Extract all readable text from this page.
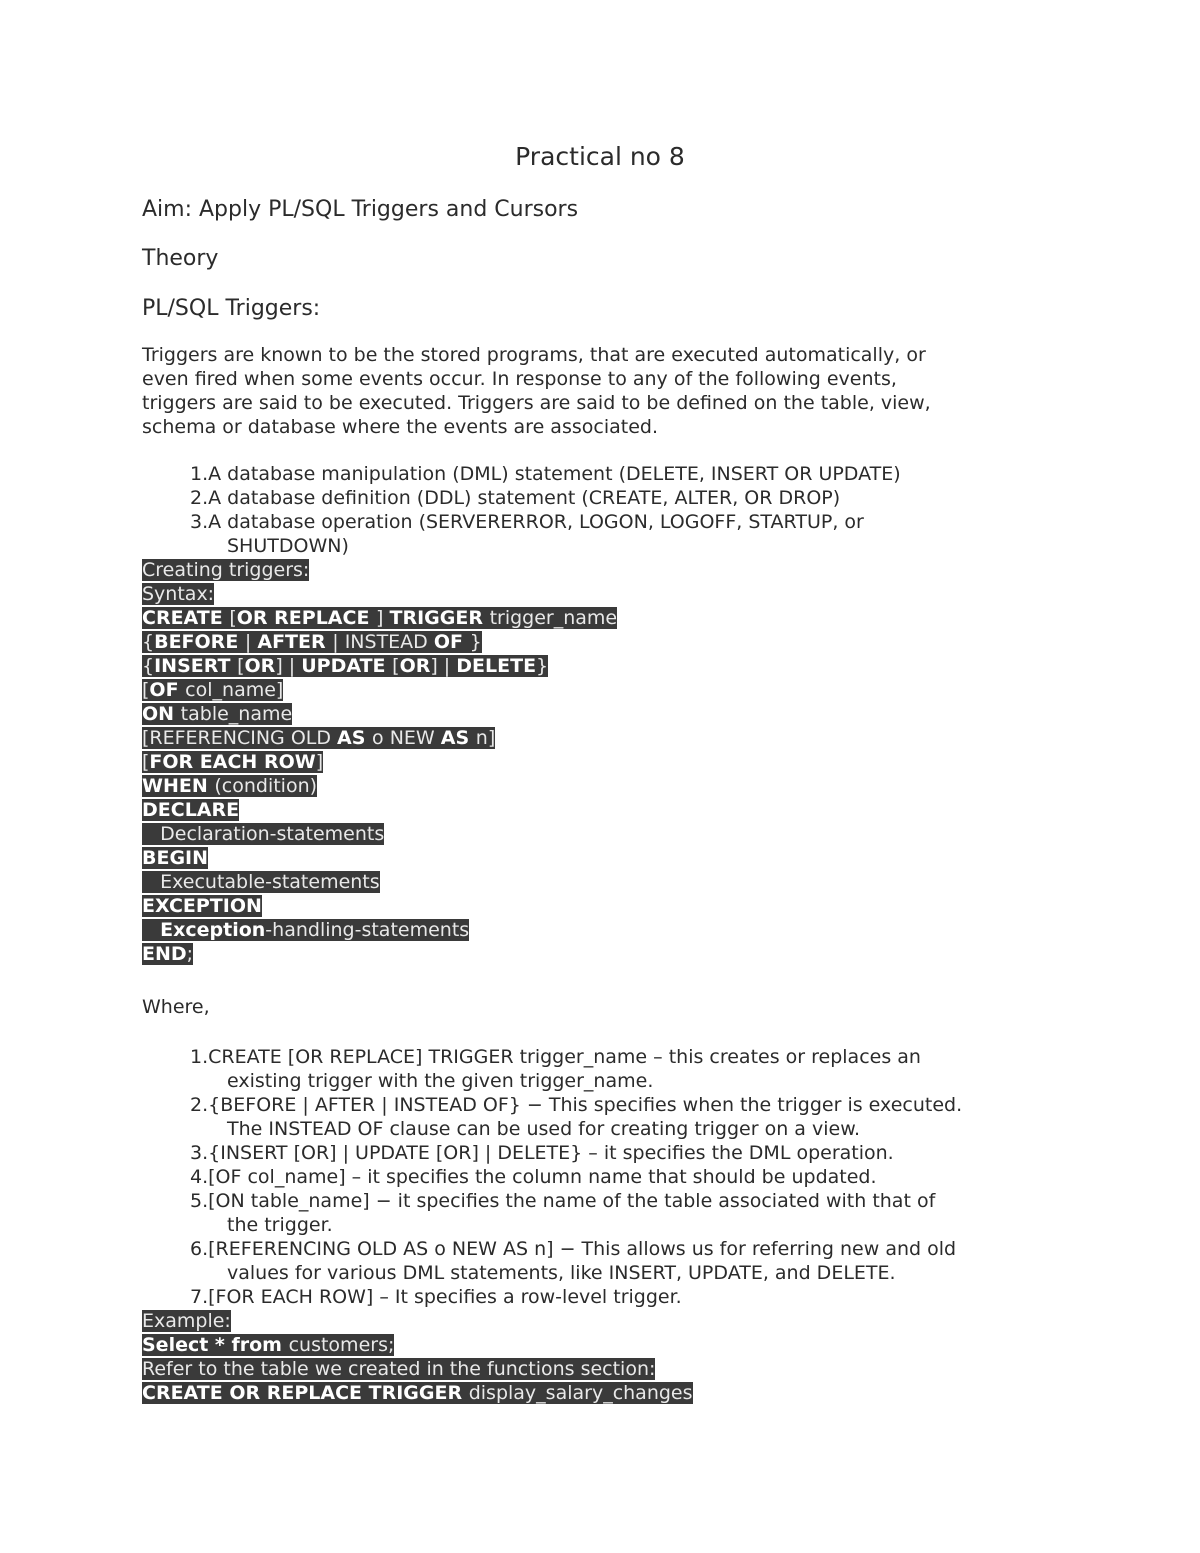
Practical no 8
Aim: Apply PL/SQL Triggers and Cursors
Theory
PL/SQL Triggers:
Triggers are known to be the stored programs, that are executed automatically, or
even fired when some events occur. In response to any of the following events,
triggers are said to be executed. Triggers are said to be defined on the table, view,
schema or database where the events are associated.
1.A database manipulation (DML) statement (DELETE, INSERT OR UPDATE)
2.A database definition (DDL) statement (CREATE, ALTER, OR DROP)
3.A database operation (SERVERERROR, LOGON, LOGOFF, STARTUP, or
SHUTDOWN)
Creating triggers:
Syntax:
CREATE [OR REPLACE ] TRIGGER trigger_name
{BEFORE | AFTER | INSTEAD OF }
{INSERT [OR] | UPDATE [OR] | DELETE}
[OF col_name]
ON table_name
[REFERENCING OLD AS o NEW AS n]
[FOR EACH ROW]
WHEN (condition)
DECLARE
Declaration-statements
BEGIN
Executable-statements
EXCEPTION
Exception-handling-statements
END;
Where,
1.CREATE [OR REPLACE] TRIGGER trigger_name – this creates or replaces an
existing trigger with the given trigger_name.
2.{BEFORE | AFTER | INSTEAD OF} − This specifies when the trigger is executed.
The INSTEAD OF clause can be used for creating trigger on a view.
3.{INSERT [OR] | UPDATE [OR] | DELETE} – it specifies the DML operation.
4.[OF col_name] – it specifies the column name that should be updated.
5.[ON table_name] − it specifies the name of the table associated with that of
the trigger.
6.[REFERENCING OLD AS o NEW AS n] − This allows us for referring new and old
values for various DML statements, like INSERT, UPDATE, and DELETE.
7.[FOR EACH ROW] – It specifies a row-level trigger.
Example:
Select * from customers;
Refer to the table we created in the functions section:
CREATE OR REPLACE TRIGGER display_salary_changes
